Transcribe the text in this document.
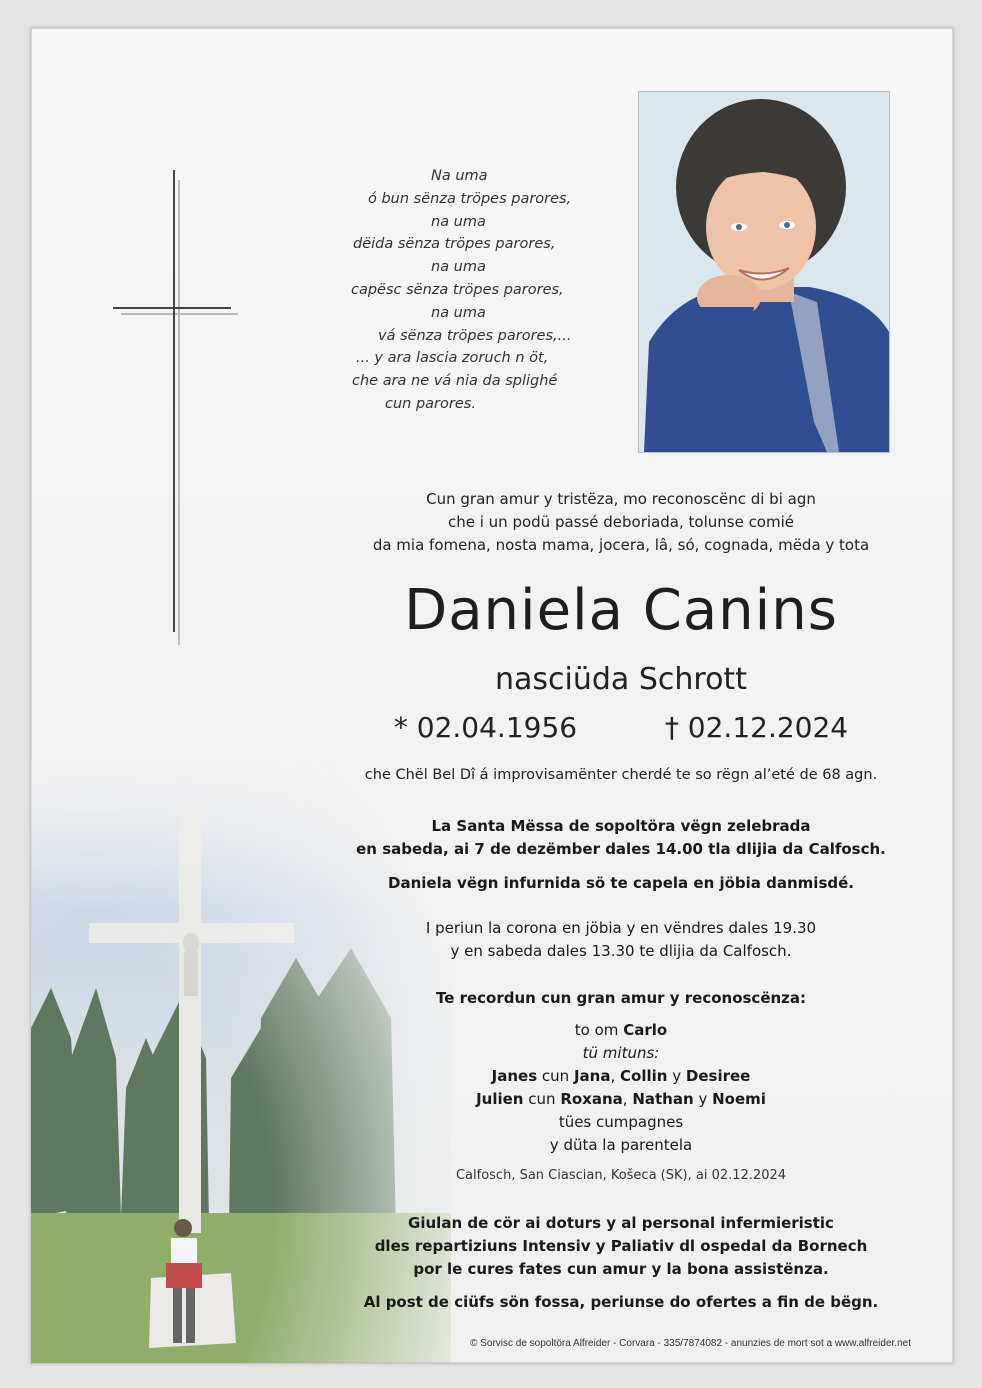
Na uma
ó bun sënza tröpes parores,
na uma
dëida sënza tröpes parores,
na uma
capësc sënza tröpes parores,
na uma
vá sënza tröpes parores,...
... y ara lascia zoruch n öt,
che ara ne vá nia da splighé
cun parores.
Cun gran amur y tristëza, mo reconoscënc di bi agn
che i un podü passé deboriada, tolunse comié
da mia fomena, nosta mama, jocera, lâ, só, cognada, mëda y tota
Daniela Canins
nasciüda Schrott
* 02.04.1956	† 02.12.2024
che Chël Bel Dî á improvisamënter cherdé te so rëgn al’eté de 68 agn.
La Santa Mëssa de sopoltöra vëgn zelebrada
en sabeda, ai 7 de dezëmber dales 14.00 tla dlijia da Calfosch.
Daniela vëgn infurnida sö te capela en jöbia danmisdé.
I periun la corona en jöbia y en vëndres dales 19.30
y en sabeda dales 13.30 te dlijia da Calfosch.
Te recordun cun gran amur y reconoscënza:
to om Carlo
tü mituns:
Janes cun Jana, Collin y Desiree
Julien cun Roxana, Nathan y Noemi
tües cumpagnes
y düta la parentela
Calfosch, San Ciascian, Košeca (SK), ai 02.12.2024
Giulan de cör ai doturs y al personal infermieristic
dles repartiziuns Intensiv y Paliativ dl ospedal da Bornech
por le cures fates cun amur y la bona assistënza.
Al post de ciüfs sön fossa, periunse do ofertes a fin de bëgn.
© Sorvisc de sopoltöra Alfreider - Corvara - 335/7874082 - anunzies de mort sot a www.alfreider.net
